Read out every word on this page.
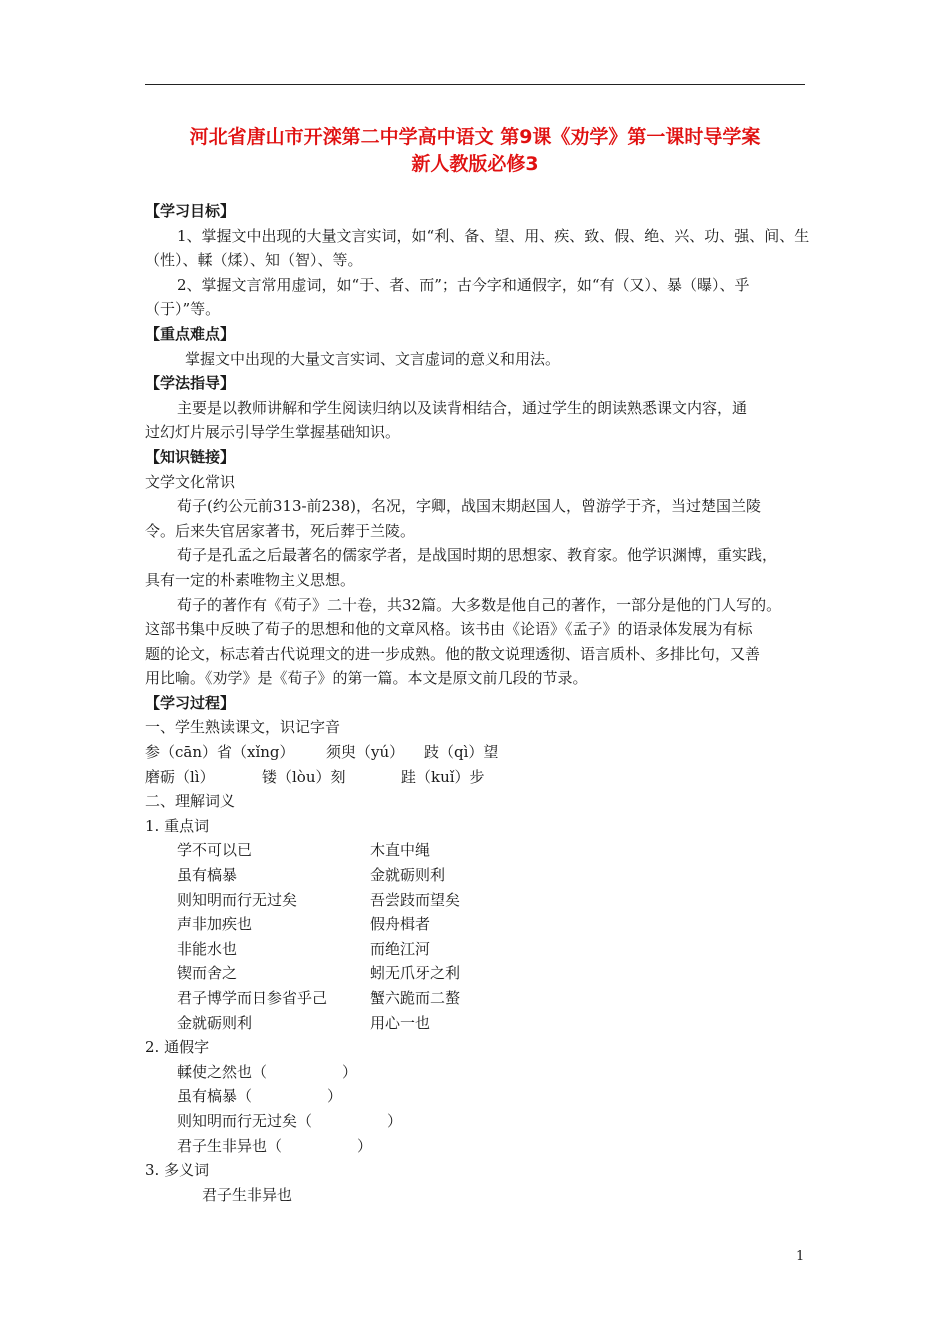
河北省唐山市开滦第二中学高中语文 第9课《劝学》第一课时导学案
新人教版必修3
【学习目标】
1、掌握文中出现的大量文言实词，如“利、备、望、用、疾、致、假、绝、兴、功、强、间、生
（性）、輮（煣）、知（智）、等。
2、掌握文言常用虚词，如“于、者、而”；古今字和通假字，如“有（又）、暴（曝）、乎
（于）”等。
【重点难点】
掌握文中出现的大量文言实词、文言虚词的意义和用法。
【学法指导】
主要是以教师讲解和学生阅读归纳以及读背相结合，通过学生的朗读熟悉课文内容，通
过幻灯片展示引导学生掌握基础知识。
【知识链接】
文学文化常识
荀子(约公元前313-前238)，名况，字卿，战国末期赵国人，曾游学于齐，当过楚国兰陵
令。后来失官居家著书，死后葬于兰陵。
荀子是孔孟之后最著名的儒家学者，是战国时期的思想家、教育家。他学识渊博，重实践，
具有一定的朴素唯物主义思想。
荀子的著作有《荀子》二十卷，共32篇。大多数是他自己的著作，一部分是他的门人写的。
这部书集中反映了荀子的思想和他的文章风格。该书由《论语》《孟子》的语录体发展为有标
题的论文，标志着古代说理文的进一步成熟。他的散文说理透彻、语言质朴、多排比句，又善
用比喻。《劝学》是《荀子》的第一篇。本文是原文前几段的节录。
【学习过程】
一、学生熟读课文，识记字音
参（cān）省（xǐng） 须臾（yú） 跂（qì）望
磨砺（lì）	镂（lòu）刻	跬（kuǐ）步
二、理解词义
1. 重点词
学不可以已	木直中绳
虽有槁暴	金就砺则利
则知明而行无过矣	吾尝跂而望矣
声非加疾也	假舟楫者
非能水也	而绝江河
锲而舍之	蚓无爪牙之利
君子博学而日参省乎己	蟹六跪而二螯
金就砺则利	用心一也
2. 通假字
輮使之然也（　　　　　）
虽有槁暴（　　　　　）
则知明而行无过矣（　　　　　）
君子生非异也（　　　　　）
3. 多义词
君子生非异也
1
